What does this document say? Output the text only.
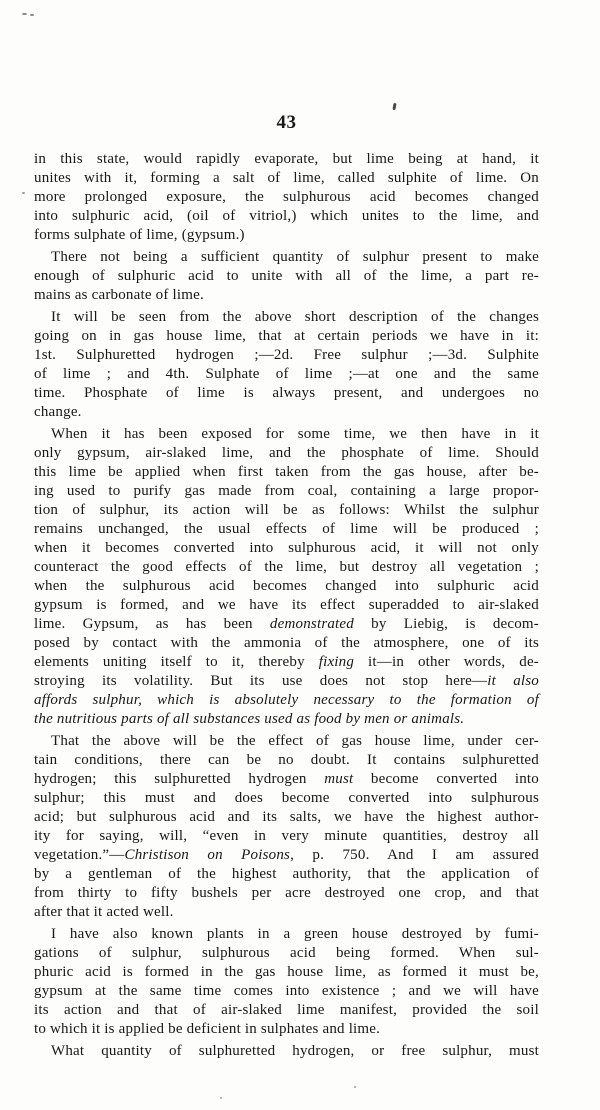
43
in this state, would rapidly evaporate, but lime being at hand, it
unites with it, forming a salt of lime, called sulphite of lime. On
more prolonged exposure, the sulphurous acid becomes changed
into sulphuric acid, (oil of vitriol,) which unites to the lime, and
forms sulphate of lime, (gypsum.)
There not being a sufficient quantity of sulphur present to make
enough of sulphuric acid to unite with all of the lime, a part re-
mains as carbonate of lime.
It will be seen from the above short description of the changes
going on in gas house lime, that at certain periods we have in it:
1st. Sulphuretted hydrogen ;—2d. Free sulphur ;—3d. Sulphite
of lime ; and 4th. Sulphate of lime ;—at one and the same
time. Phosphate of lime is always present, and undergoes no
change.
When it has been exposed for some time, we then have in it
only gypsum, air-slaked lime, and the phosphate of lime. Should
this lime be applied when first taken from the gas house, after be-
ing used to purify gas made from coal, containing a large propor-
tion of sulphur, its action will be as follows: Whilst the sulphur
remains unchanged, the usual effects of lime will be produced ;
when it becomes converted into sulphurous acid, it will not only
counteract the good effects of the lime, but destroy all vegetation ;
when the sulphurous acid becomes changed into sulphuric acid
gypsum is formed, and we have its effect superadded to air-slaked
lime. Gypsum, as has been demonstrated by Liebig, is decom-
posed by contact with the ammonia of the atmosphere, one of its
elements uniting itself to it, thereby fixing it—in other words, de-
stroying its volatility. But its use does not stop here—it also
affords sulphur, which is absolutely necessary to the formation of
the nutritious parts of all substances used as food by men or animals.
That the above will be the effect of gas house lime, under cer-
tain conditions, there can be no doubt. It contains sulphuretted
hydrogen; this sulphuretted hydrogen must become converted into
sulphur; this must and does become converted into sulphurous
acid; but sulphurous acid and its salts, we have the highest author-
ity for saying, will, “even in very minute quantities, destroy all
vegetation.”—Christison on Poisons, p. 750. And I am assured
by a gentleman of the highest authority, that the application of
from thirty to fifty bushels per acre destroyed one crop, and that
after that it acted well.
I have also known plants in a green house destroyed by fumi-
gations of sulphur, sulphurous acid being formed. When sul-
phuric acid is formed in the gas house lime, as formed it must be,
gypsum at the same time comes into existence ; and we will have
its action and that of air-slaked lime manifest, provided the soil
to which it is applied be deficient in sulphates and lime.
What quantity of sulphuretted hydrogen, or free sulphur, must
